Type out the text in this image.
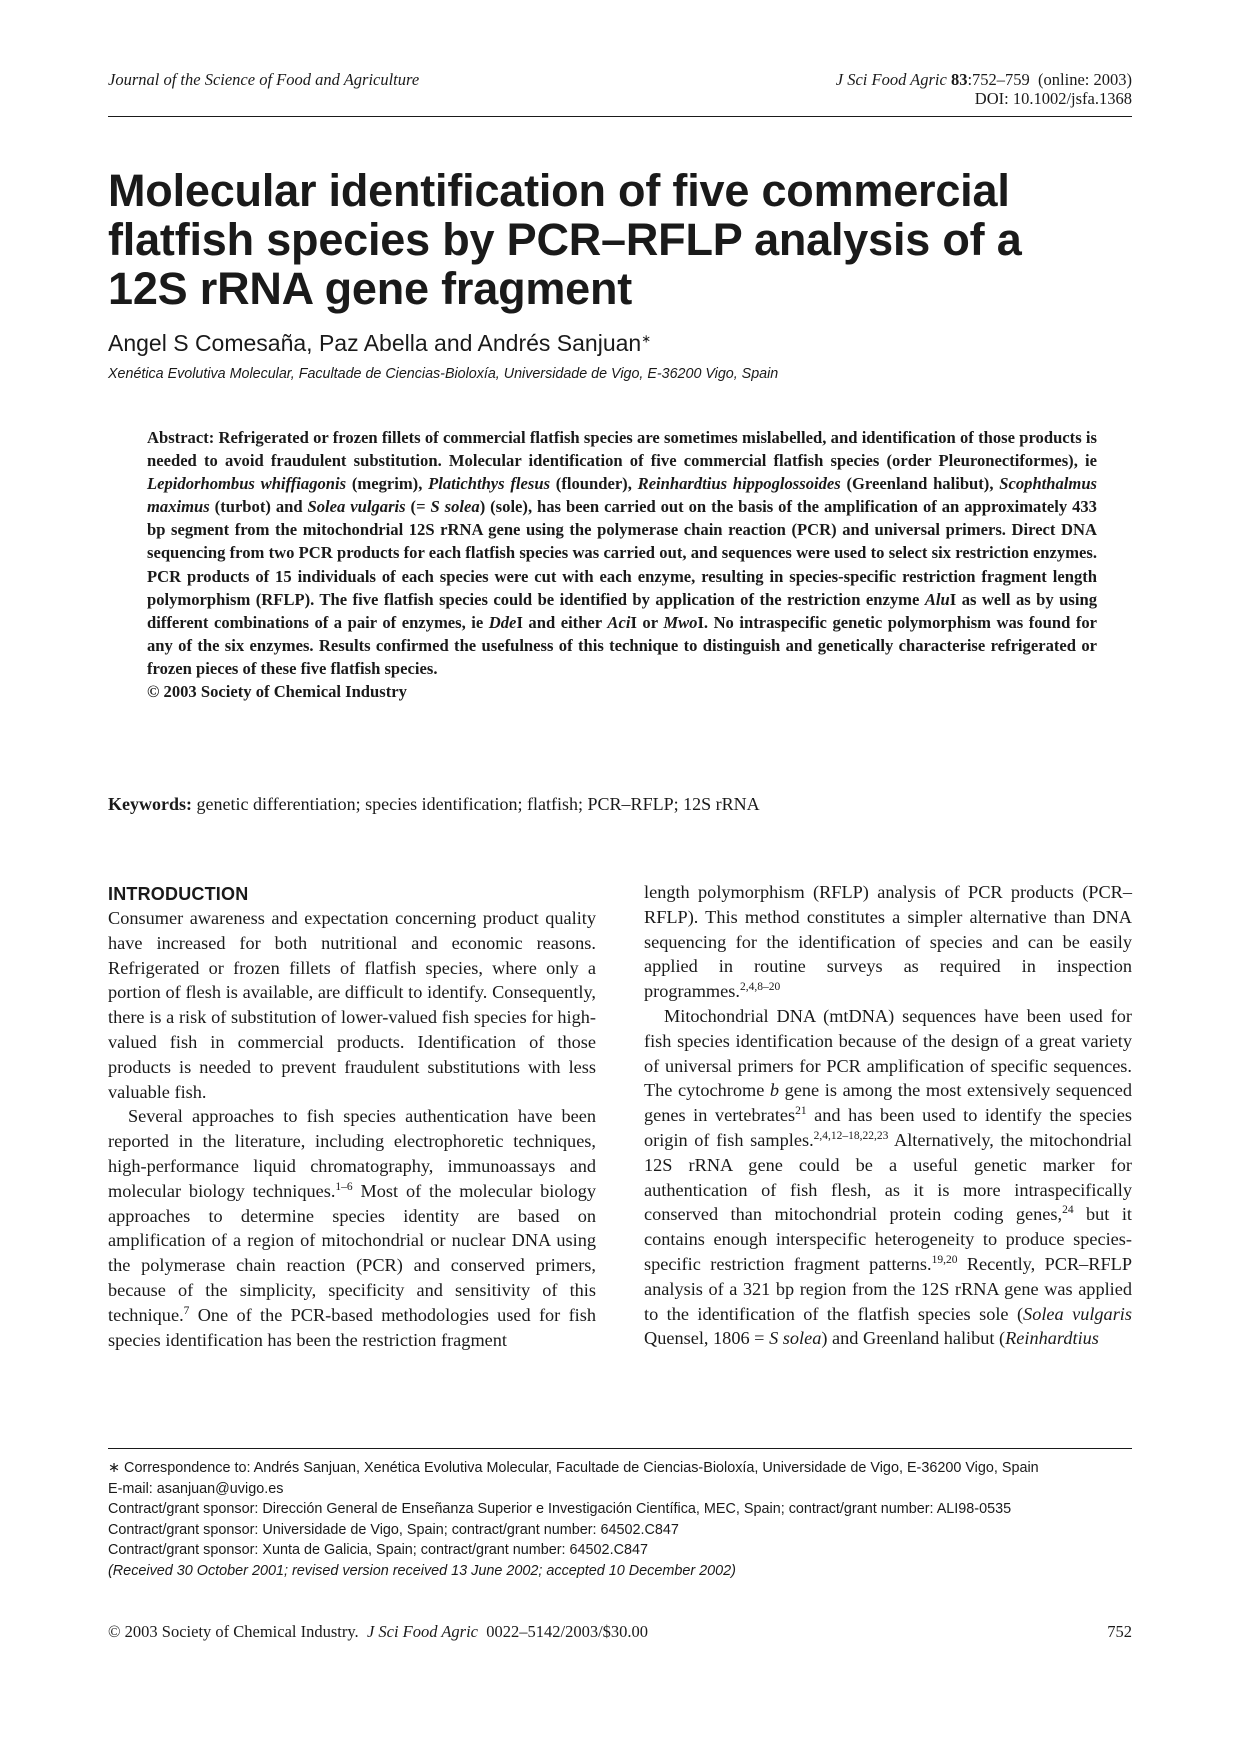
Journal of the Science of Food and Agriculture	J Sci Food Agric 83:752–759 (online: 2003)
DOI: 10.1002/jsfa.1368
Molecular identification of five commercial
flatfish species by PCR–RFLP analysis of a
12S rRNA gene fragment
Angel S Comesaña, Paz Abella and Andrés Sanjuan∗
Xenética Evolutiva Molecular, Facultade de Ciencias-Bioloxía, Universidade de Vigo, E-36200 Vigo, Spain

Abstract: Refrigerated or frozen fillets of commercial flatfish species are sometimes mislabelled, and identification of those products is needed to avoid fraudulent substitution. Molecular identification of five commercial flatfish species (order Pleuronectiformes), ie Lepidorhombus whiffiagonis (megrim), Platichthys flesus (flounder), Reinhardtius hippoglossoides (Greenland halibut), Scophthalmus maximus (turbot) and Solea vulgaris (= S solea) (sole), has been carried out on the basis of the amplification of an approximately 433 bp segment from the mitochondrial 12S rRNA gene using the polymerase chain reaction (PCR) and universal primers. Direct DNA sequencing from two PCR products for each flatfish species was carried out, and sequences were used to select six restriction enzymes. PCR products of 15 individuals of each species were cut with each enzyme, resulting in species-specific restriction fragment length polymorphism (RFLP). The five flatfish species could be identified by application of the restriction enzyme AluI as well as by using different combinations of a pair of enzymes, ie DdeI and either AciI or MwoI. No intraspecific genetic polymorphism was found for any of the six enzymes. Results confirmed the usefulness of this technique to distinguish and genetically characterise refrigerated or frozen pieces of these five flatfish species.

© 2003 Society of Chemical Industry

Keywords: genetic differentiation; species identification; flatfish; PCR–RFLP; 12S rRNA
INTRODUCTION

Consumer awareness and expectation concerning product quality have increased for both nutritional and economic reasons. Refrigerated or frozen fillets of flatfish species, where only a portion of flesh is available, are difficult to identify. Consequently, there is a risk of substitution of lower-valued fish species for high-valued fish in commercial products. Identification of those products is needed to prevent fraudulent substitutions with less valuable fish.

Several approaches to fish species authentication have been reported in the literature, including electrophoretic techniques, high-performance liquid chromatography, immunoassays and molecular biology techniques.$^{1-6}$ Most of the molecular biology approaches to determine species identity are based on amplification of a region of mitochondrial or nuclear DNA using the polymerase chain reaction (PCR) and conserved primers, because of the simplicity, specificity and sensitivity of this technique.$^7$ One of the PCR-based methodologies used for fish species identification has been the restriction fragment

length polymorphism (RFLP) analysis of PCR products (PCR–RFLP). This method constitutes a simpler alternative than DNA sequencing for the identification of species and can be easily applied in routine surveys as required in inspection programmes.$^{2,4,8-20}$

Mitochondrial DNA (mtDNA) sequences have been used for fish species identification because of the design of a great variety of universal primers for PCR amplification of specific sequences. The cytochrome b gene is among the most extensively sequenced genes in vertebrates$^{21}$ and has been used to identify the species origin of fish samples.$^{2,4,12-18,22,23}$ Alternatively, the mitochondrial 12S rRNA gene could be a useful genetic marker for authentication of fish flesh, as it is more intraspecifically conserved than mitochondrial protein coding genes,$^{24}$ but it contains enough interspecific heterogeneity to produce species-specific restriction fragment patterns.$^{19,20}$ Recently, PCR–RFLP analysis of a 321 bp region from the 12S rRNA gene was applied to the identification of the flatfish species sole (Solea vulgaris Quensel, 1806 = S solea) and Greenland halibut (Reinhardtius

∗ Correspondence to: Andrés Sanjuan, Xenética Evolutiva Molecular, Facultade de Ciencias-Bioloxía, Universidade de Vigo, E-36200 Vigo, Spain

E-mail: asanjuan@uvigo.es

Contract/grant sponsor: Dirección General de Enseñanza Superior e Investigación Científica, MEC, Spain; contract/grant number: ALI98-0535

Contract/grant sponsor: Universidade de Vigo, Spain; contract/grant number: 64502.C847

Contract/grant sponsor: Xunta de Galicia, Spain; contract/grant number: 64502.C847

(Received 30 October 2001; revised version received 13 June 2002; accepted 10 December 2002)

© 2003 Society of Chemical Industry. J Sci Food Agric 0022–5142/2003/$30.00	752
